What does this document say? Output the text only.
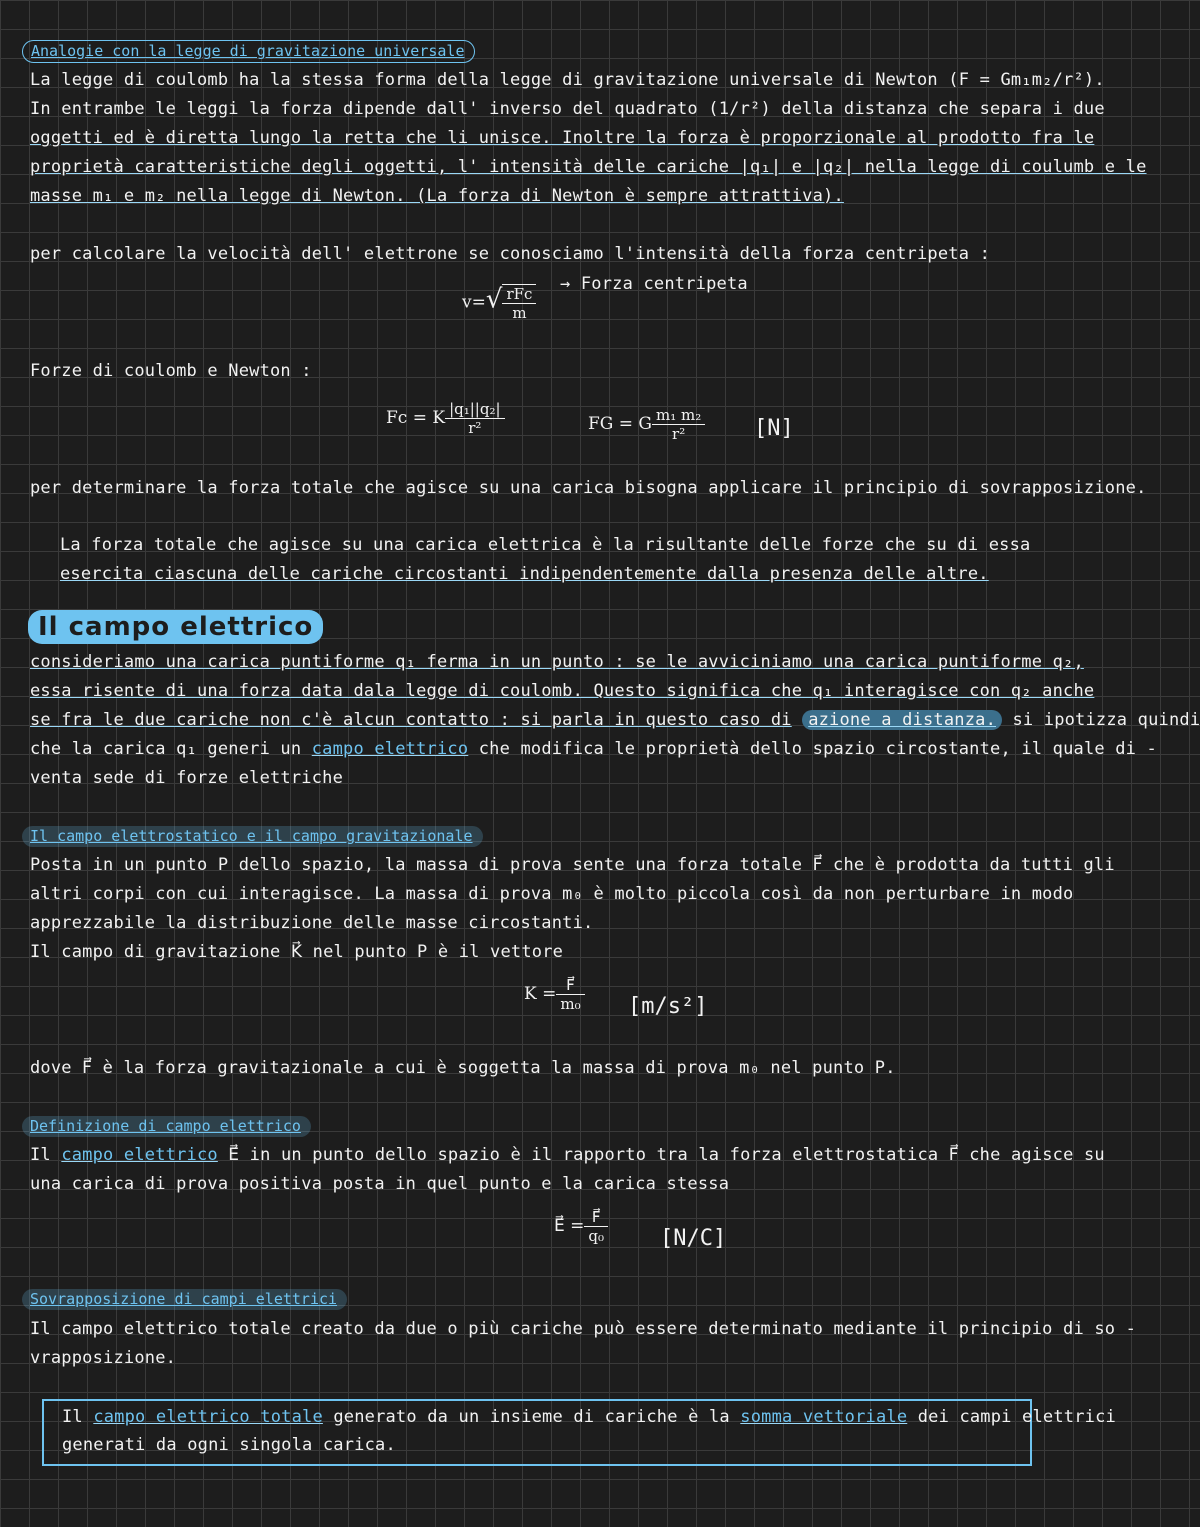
Analogie con la legge di gravitazione universale
La legge di coulomb ha la stessa forma della legge di gravitazione universale di Newton (F = Gm₁m₂/r²).
In entrambe le leggi la forza dipende dall' inverso del quadrato (1/r²) della distanza che separa i due
oggetti ed è diretta lungo la retta che li unisce. Inoltre la forza è proporzionale al prodotto fra le
proprietà caratteristiche degli oggetti, l' intensità delle cariche |q₁| e |q₂| nella legge di coulumb e le
masse m₁ e m₂ nella legge di Newton. (La forza di Newton è sempre attrattiva).
per calcolare la velocità dell' elettrone se conosciamo l'intensità della forza centripeta :
$v=√ \frac{\text{rFc}}{m}$ → Forza centripeta
Forze di coulomb e Newton :
Fc = K $\frac{\text{|q₁||q₂|}}{\text{r²}}$	FG = G $\frac{\text{m₁ m₂}}{\text{r²}} [N]$
per determinare la forza totale che agisce su una carica bisogna applicare il principio di sovrapposizione.
La forza totale che agisce su una carica elettrica è la risultante delle forze che su di essa
esercita ciascuna delle cariche circostanti indipendentemente dalla presenza delle altre.
Il campo elettrico
consideriamo una carica puntiforme q₁ ferma in un punto : se le avviciniamo una carica puntiforme q₂,
essa risente di una forza data dala legge di coulomb. Questo significa che q₁ interagisce con q₂ anche
se fra le due cariche non c'è alcun contatto : si parla in questo caso di azione a distanza. si ipotizza quindi
che la carica q₁ generi un campo elettrico che modifica le proprietà dello spazio circostante, il quale di -
venta sede di forze elettriche
Il campo elettrostatico e il campo gravitazionale
Posta in un punto P dello spazio, la massa di prova sente una forza totale F⃗ che è prodotta da tutti gli
altri corpi con cui interagisce. La massa di prova m₀ è molto piccola così da non perturbare in modo
apprezzabile la distribuzione delle masse circostanti.
Il campo di gravitazione K⃗ nel punto P è il vettore
$K = \frac{F⃗}{\text{m₀}} [m/s^2]$
dove F⃗ è la forza gravitazionale a cui è soggetta la massa di prova m₀ nel punto P.
Definizione di campo elettrico
Il campo elettrico E⃗ in un punto dello spazio è il rapporto tra la forza elettrostatica F⃗ che agisce su
una carica di prova positiva posta in quel punto e la carica stessa
E⃗ = $\frac{F⃗}{\text{q₀}} [N/C]$
Sovrapposizione di campi elettrici
Il campo elettrico totale creato da due o più cariche può essere determinato mediante il principio di so -
vrapposizione.
Il campo elettrico totale generato da un insieme di cariche è la somma vettoriale dei campi elettrici
generati da ogni singola carica.
